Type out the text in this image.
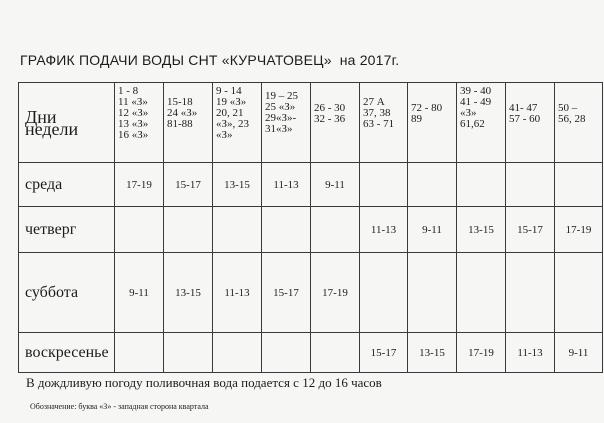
ГРАФИК ПОДАЧИ ВОДЫ СНТ «КУРЧАТОВЕЦ» на 2017г.
Дни недели	1 - 8
11 «З»
12 «З»
13 «З»
16 «З»	15-18
24 «З»
81-88	9 - 14
19 «З»
20, 21
«З», 23
«З»	19 – 25
25 «З»
29«З»-
31«З»	26 - 30
32 - 36	27 А
37, 38
63 - 71	72 - 80
89	39 - 40
41 - 49
«З»
61,62	41- 47
57 - 60	50 –
56, 28

среда	17-19	15-17	13-15	11-13	9-11					
четверг						11-13	9-11	13-15	15-17	17-19
суббота	9-11	13-15	11-13	15-17	17-19					
воскресенье						15-17	13-15	17-19	11-13	9-11
В дождливую погоду поливочная вода подается с 12 до 16 часов
Обозначение: буква «З» - западная сторона квартала
